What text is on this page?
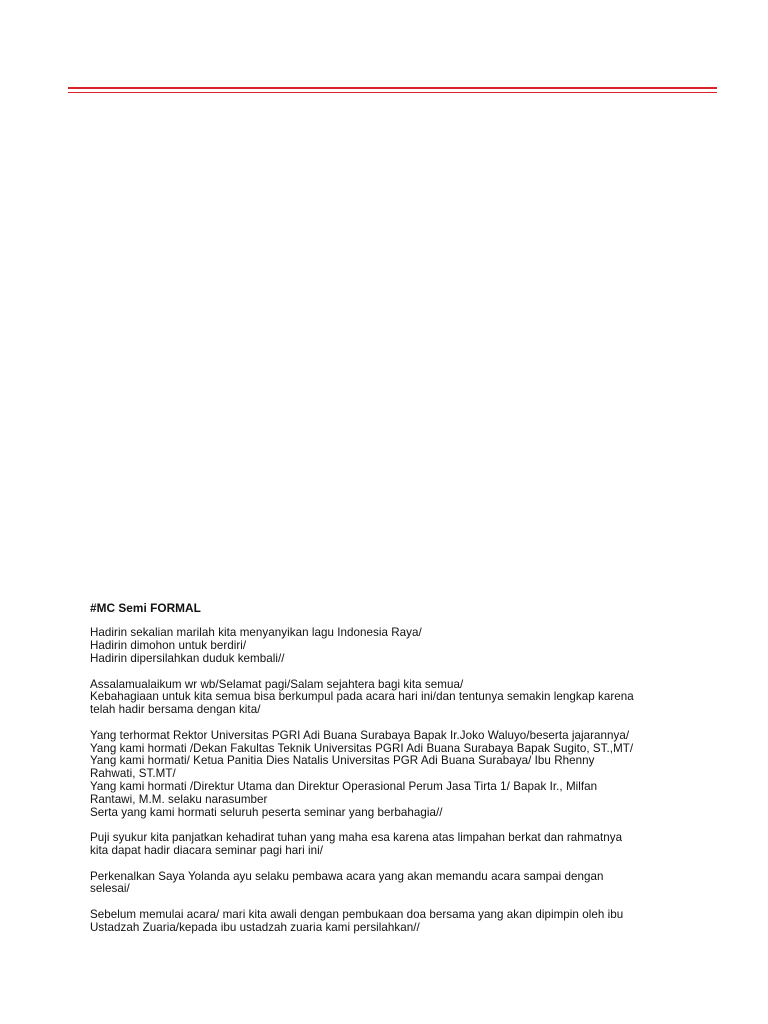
#MC Semi FORMAL
Hadirin sekalian marilah kita menyanyikan lagu Indonesia Raya/
Hadirin dimohon untuk berdiri/
Hadirin dipersilahkan duduk kembali//
Assalamualaikum wr wb/Selamat pagi/Salam sejahtera bagi kita semua/
Kebahagiaan untuk kita semua bisa berkumpul pada acara hari ini/dan tentunya semakin lengkap karena
telah hadir bersama dengan kita/
Yang terhormat Rektor Universitas PGRI Adi Buana Surabaya Bapak Ir.Joko Waluyo/beserta jajarannya/
Yang kami hormati /Dekan Fakultas Teknik Universitas PGRI Adi Buana Surabaya Bapak Sugito, ST.,MT/
Yang kami hormati/ Ketua Panitia Dies Natalis Universitas PGR Adi Buana Surabaya/ Ibu Rhenny
Rahwati, ST.MT/
Yang kami hormati /Direktur Utama dan Direktur Operasional Perum Jasa Tirta 1/ Bapak Ir., Milfan
Rantawi, M.M. selaku narasumber
Serta yang kami hormati seluruh peserta seminar yang berbahagia//
Puji syukur kita panjatkan kehadirat tuhan yang maha esa karena atas limpahan berkat dan rahmatnya
kita dapat hadir diacara seminar pagi hari ini/
Perkenalkan Saya Yolanda ayu selaku pembawa acara yang akan memandu acara sampai dengan
selesai/
Sebelum memulai acara/ mari kita awali dengan pembukaan doa bersama yang akan dipimpin oleh ibu
Ustadzah Zuaria/kepada ibu ustadzah zuaria kami persilahkan//
